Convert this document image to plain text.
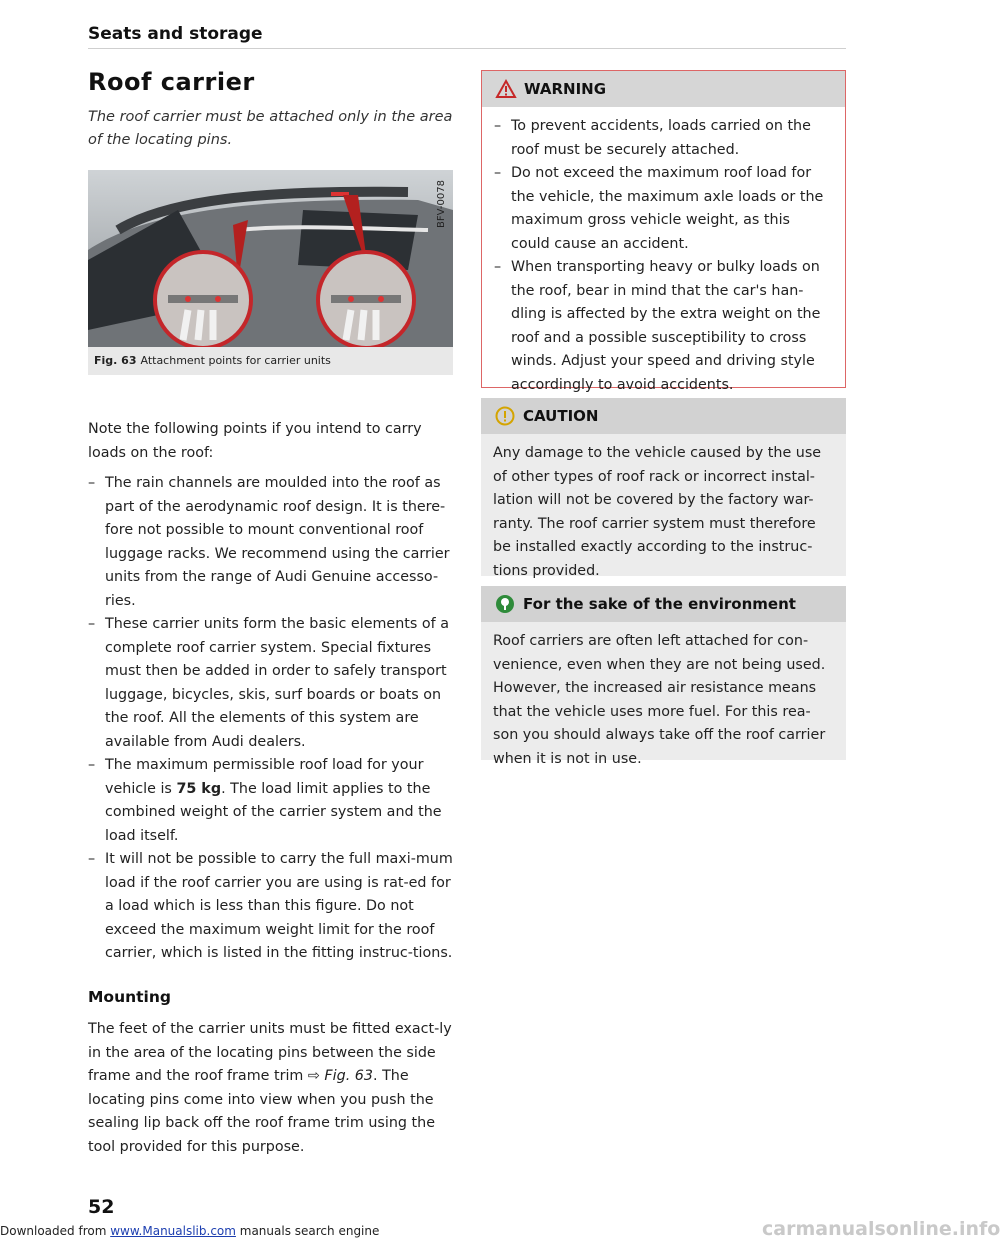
Seats and storage
Roof carrier

The roof carrier must be attached only in the area of the locating pins.

BFV-0078
Fig. 63 Attachment points for carrier units

Note the following points if you intend to carry loads on the roof:

– The rain channels are moulded into the roof as part of the aerodynamic roof design. It is there-fore not possible to mount conventional roof luggage racks. We recommend using the carrier units from the range of Audi Genuine accesso-ries.
– These carrier units form the basic elements of a complete roof carrier system. Special fixtures must then be added in order to safely transport luggage, bicycles, skis, surf boards or boats on the roof. All the elements of this system are available from Audi dealers.
– The maximum permissible roof load for your vehicle is 75 kg. The load limit applies to the combined weight of the carrier system and the load itself.
– It will not be possible to carry the full maxi-mum load if the roof carrier you are using is rat-ed for a load which is less than this figure. Do not exceed the maximum weight limit for the roof carrier, which is listed in the fitting instruc-tions.
Mounting

The feet of the carrier units must be fitted exact-ly in the area of the locating pins between the side frame and the roof frame trim ⇨ Fig. 63. The locating pins come into view when you push the sealing lip back off the roof frame trim using the tool provided for this purpose.

WARNING
– To prevent accidents, loads carried on the roof must be securely attached.
– Do not exceed the maximum roof load for the vehicle, the maximum axle loads or the maximum gross vehicle weight, as this could cause an accident.
– When transporting heavy or bulky loads on the roof, bear in mind that the car's han-dling is affected by the extra weight on the roof and a possible susceptibility to cross winds. Adjust your speed and driving style accordingly to avoid accidents.
CAUTION
Any damage to the vehicle caused by the use of other types of roof rack or incorrect instal-lation will not be covered by the factory war-ranty. The roof carrier system must therefore be installed exactly according to the instruc-tions provided.
For the sake of the environment
Roof carriers are often left attached for con-venience, even when they are not being used. However, the increased air resistance means that the vehicle uses more fuel. For this rea-son you should always take off the roof carrier when it is not in use.
52
Downloaded from www.Manualslib.com manuals search engine	carmanualsonline.info
